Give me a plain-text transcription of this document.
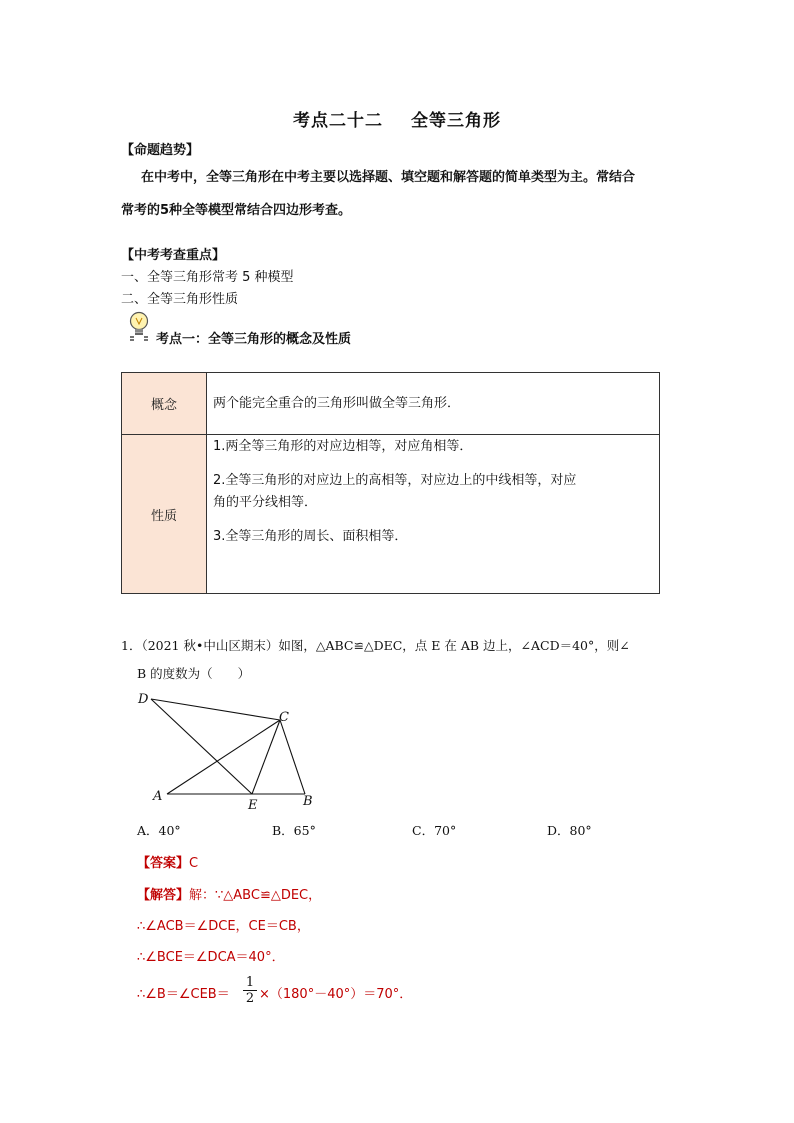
考点二十二 全等三角形
【命题趋势】
在中考中，全等三角形在中考主要以选择题、填空题和解答题的简单类型为主。常结合
常考的5种全等模型常结合四边形考查。
【中考考查重点】
一、全等三角形常考 5 种模型
二、全等三角形性质
考点一：全等三角形的概念及性质
概念	两个能完全重合的三角形叫做全等三角形．
性质	1.两全等三角形的对应边相等，对应角相等．
2.全等三角形的对应边上的高相等，对应边上的中线相等，对应
角的平分线相等．
3.全等三角形的周长、面积相等．
1．（2021 秋•中山区期末）如图，△ABC≌△DEC，点 E 在 AB 边上，∠ACD＝40°，则∠
B 的度数为（　　）
D
C
A
E	B
A．40°	B．65°	C．70°	D．80°
【答案】C
【解答】解：∵△ABC≌△DEC，
∴∠ACB＝∠DCE，CE＝CB，
∴∠BCE＝∠DCA＝40°．
∴∠B＝∠CEB＝ $\frac{1}{2} \times(180^\circ-40^\circ)=70^\circ$．
